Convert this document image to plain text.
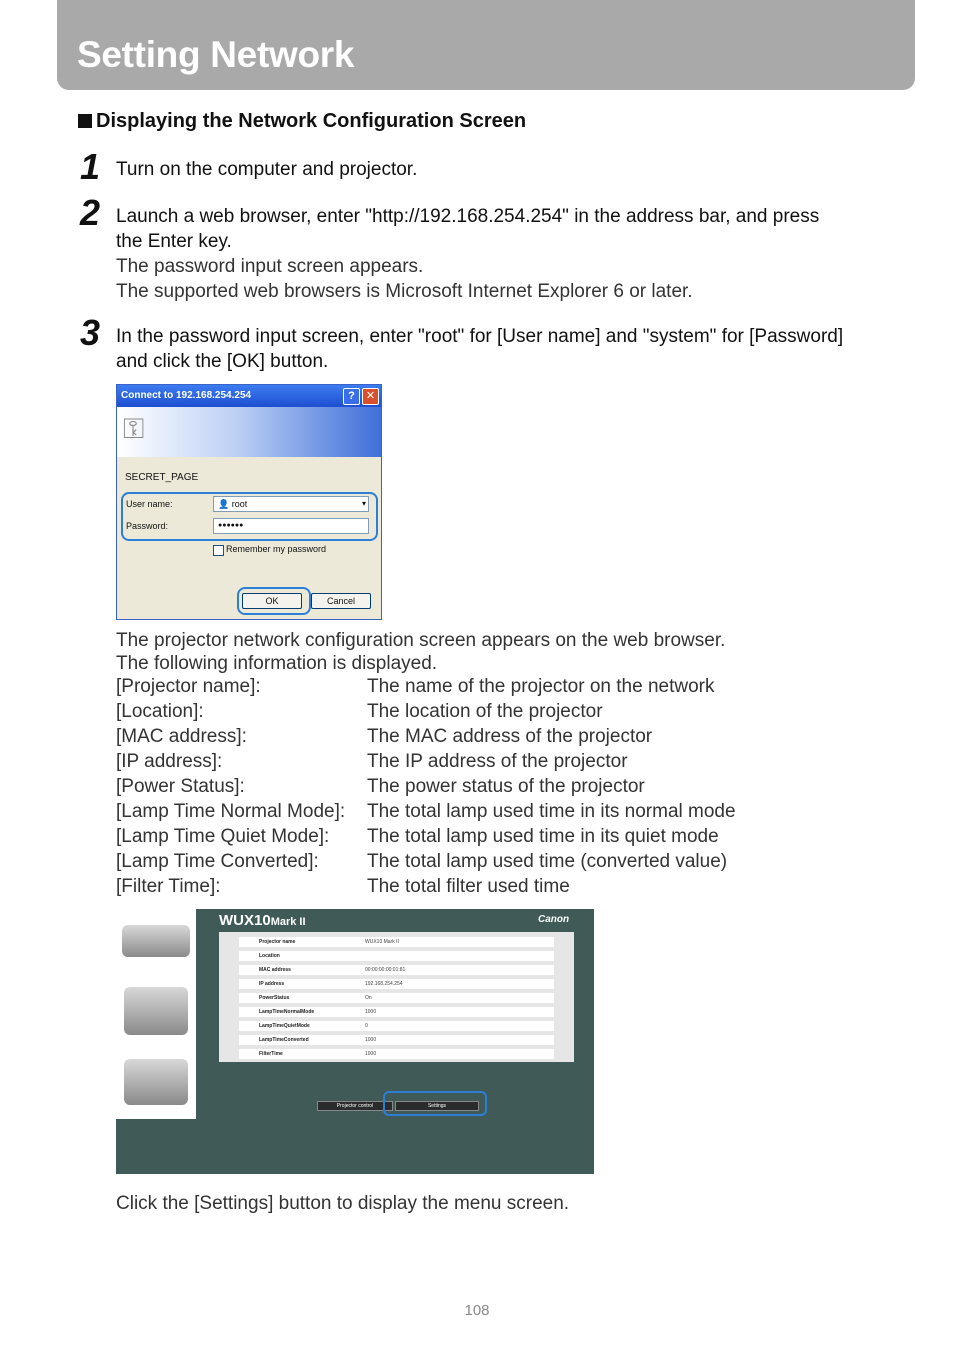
Setting Network
Displaying the Network Configuration Screen
1 Turn on the computer and projector.
2 Launch a web browser, enter "http://192.168.254.254" in the address bar, and press
the Enter key.
The password input screen appears.
The supported web browsers is Microsoft Internet Explorer 6 or later.
3 In the password input screen, enter "root" for [User name] and "system" for [Password]
and click the [OK] button.
Connect to 192.168.254.254	?	✕
⚿
SECRET_PAGE
User name:	👤 root	▾
Password:	●●●●●●
Remember my password
OK	Cancel
The projector network configuration screen appears on the web browser.
The following information is displayed.
[Projector name]:	The name of the projector on the network
[Location]:	The location of the projector
[MAC address]:	The MAC address of the projector
[IP address]:	The IP address of the projector
[Power Status]:	The power status of the projector
[Lamp Time Normal Mode]: The total lamp used time in its normal mode
[Lamp Time Quiet Mode]: The total lamp used time in its quiet mode
[Lamp Time Converted]:	The total lamp used time (converted value)
[Filter Time]:	The total filter used time
WUX10Mark II	Canon
Projector name	WUX10 Mark II
Location
MAC address	00:00:00:00:01:81
IP address	192.168.254.254
PowerStatus	On
LampTimeNormalMode	1000
LampTimeQuietMode	0
LampTimeConverted	1000
FilterTime	1000
Projector control	Settings
Click the [Settings] button to display the menu screen.
108
